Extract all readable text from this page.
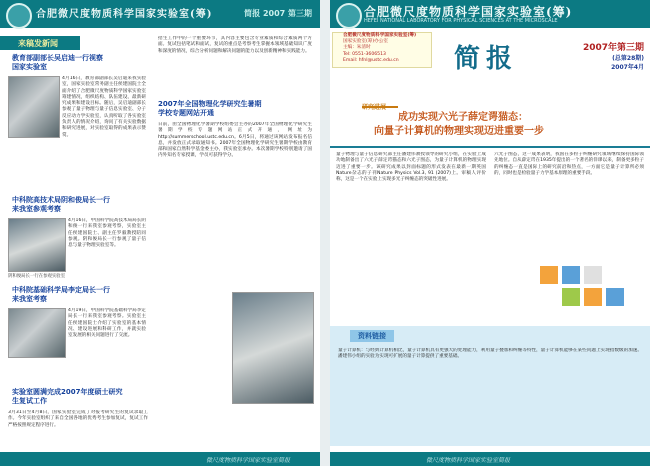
合肥微尺度物质科学国家实验室(筹)	简报 2007 第三期
来稿发新闻
教育部副部长吴启迪一行视察
国家实验室
4月16日，教育部副部长吴启迪来我实验室，国家实验室常务副主任侯建国院士全面介绍了合肥微尺度物质科学国家实验室筹建情况，组织结构、队伍建设、最新研究成果和建设目标。随后，吴启迪副部长参观了量子物理与量子信息实验室、分子反应动力学实验室，认真听取了各实验室负责人的情况介绍，询问了有关实验数据和研究进展，对实验室取得的成果表示赞赏。
中科院高技术局阴和俊局长一行
来我室参观考察
4月16日，中国科学院高技术局局长阴和俊一行来我室参观考察，实验室主任侯建国院士、副主任罗毅教授陪同参观。阴和俊局长一行参观了量子信息与量子物理实验室等。
阴和俊局长一行在参观实验室
中科院基础科学局李定局长一行
来我室考察
4月19日，中国科学院基础科学局李定局长一行来我室参观考察。实验室主任侯建国院士介绍了实验室的基本情况、建设进展和科研工作，并就实验室发展的相关问题进行了交流。
实验室圆满完成2007年度硕士研究
生复试工作
3月31日至4月8日，国家实验室完成了对报考研究生的复试录取工作。今年实验室组织了来自全国各地的优秀考生参加复试，复试工作严格按照规定程序进行。
招生工作中的一个重要环节，其内容主要包含专业素质和综合素质两个方面。复试包括笔试和面试，复试的重点是考察考生掌握本领域基础知识广度和深度的情况，综合分析问题和解决问题的能力以及创新精神和实践能力。
2007年全国物理化学研究生暑期
学校专题网站开通
日前，由全国物理化学暑期学校组委会主办的2007年全国物理化学研究生暑期学校专题网站正式开通，网址为 http://summerschool.ustc.edu.cn。6月5日，将通过该网站发布报名信息，并发放正式录取通知书。2007年全国物理化学研究生暑期学校由教育部和国家自然科学基金委主办，我实验室承办。本次暑期学校特别邀请了国内外知名专家授课，学员可获得学分。
微尺度物质科学国家实验室简报
合肥微尺度物质科学国家实验室(筹)
HEFEI NATIONAL LABORATORY FOR PHYSICAL SCIENCES AT THE MICROSCALE
合肥微尺度物质科学国家实验室(筹)
国家实验室(筹)办公室
主编：朱清时
Tel: 0551-3606513
Email: hfnl@ustc.edu.cn	简报	2007年第三期
(总第28期)
2007年4月
研究进展
成功实现六光子薛定谔猫态：
向量子计算机的物理实现迈进重要一步
量子物理与量子信息研究部主任潘建伟教授领导的研究小组，在实验上成功地制备出了六光子薛定谔猫态和六光子图态，为量子计算机的物理实现迈进了重要一步。该研究成果以封面标题的形式发表在最新一期英国Nature杂志的子刊Nature Physics Vol.3, 91 (2007)上。审稿人评价称，这是一个在实验上实现多光子纠缠态的突破性进展。
六光子图态，这一成果表明，我国在多粒子纠缠研究领域继续保持国际领先地位。自从薛定谔在1935年提出的一个著名的佯谬以来，制备更多粒子的纠缠态一直是国际上的研究前沿和热点，一方面它是量子计算所必须的，同时也是检验量子力学基本原理的重要手段。
资料链接
量子计算机：与经典计算机相比，量子计算机具有更强大的处理能力，利用量子叠加和纠缠等特性，量子计算机能够在某些问题上实现指数级的加速。潘建伟小组的实验为实现可扩展的量子计算提供了重要基础。
微尺度物质科学国家实验室简报
